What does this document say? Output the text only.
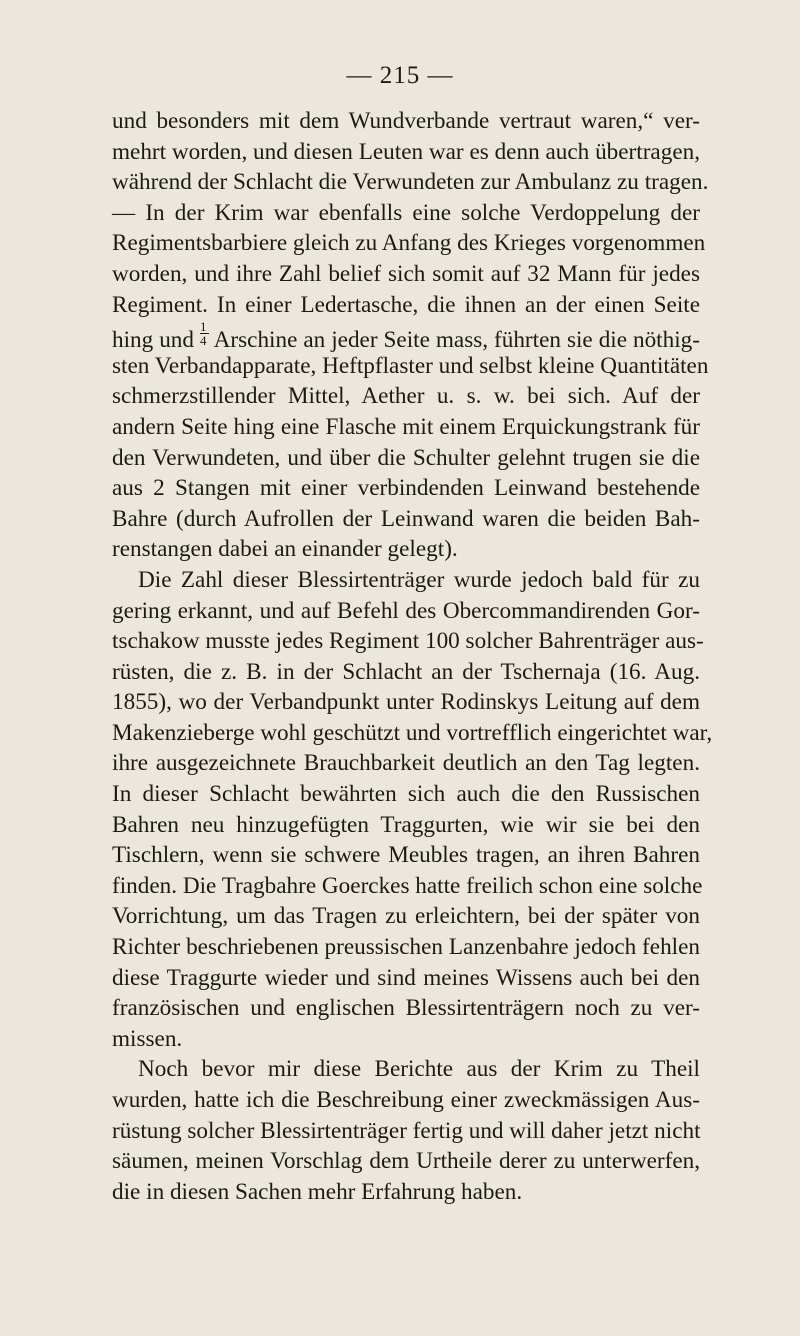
— 215 —
und besonders mit dem Wundverbande vertraut waren,“ ver-
mehrt worden, und diesen Leuten war es denn auch übertragen,
während der Schlacht die Verwundeten zur Ambulanz zu tragen.
— In der Krim war ebenfalls eine solche Verdoppelung der
Regimentsbarbiere gleich zu Anfang des Krieges vorgenommen
worden, und ihre Zahl belief sich somit auf 32 Mann für jedes
Regiment. In einer Ledertasche, die ihnen an der einen Seite
hing und $\frac{1}{4}$ Arschine an jeder Seite mass, führten sie die nöthig-
sten Verbandapparate, Heftpflaster und selbst kleine Quantitäten
schmerzstillender Mittel, Aether u. s. w. bei sich. Auf der
andern Seite hing eine Flasche mit einem Erquickungstrank für
den Verwundeten, und über die Schulter gelehnt trugen sie die
aus 2 Stangen mit einer verbindenden Leinwand bestehende
Bahre (durch Aufrollen der Leinwand waren die beiden Bah-
renstangen dabei an einander gelegt).
Die Zahl dieser Blessirtenträger wurde jedoch bald für zu
gering erkannt, und auf Befehl des Obercommandirenden Gor-
tschakow musste jedes Regiment 100 solcher Bahrenträger aus-
rüsten, die z. B. in der Schlacht an der Tschernaja (16. Aug.
1855), wo der Verbandpunkt unter Rodinskys Leitung auf dem
Makenzieberge wohl geschützt und vortrefflich eingerichtet war,
ihre ausgezeichnete Brauchbarkeit deutlich an den Tag legten.
In dieser Schlacht bewährten sich auch die den Russischen
Bahren neu hinzugefügten Traggurten, wie wir sie bei den
Tischlern, wenn sie schwere Meubles tragen, an ihren Bahren
finden. Die Tragbahre Goerckes hatte freilich schon eine solche
Vorrichtung, um das Tragen zu erleichtern, bei der später von
Richter beschriebenen preussischen Lanzenbahre jedoch fehlen
diese Traggurte wieder und sind meines Wissens auch bei den
französischen und englischen Blessirtenträgern noch zu ver-
missen.
Noch bevor mir diese Berichte aus der Krim zu Theil
wurden, hatte ich die Beschreibung einer zweckmässigen Aus-
rüstung solcher Blessirtenträger fertig und will daher jetzt nicht
säumen, meinen Vorschlag dem Urtheile derer zu unterwerfen,
die in diesen Sachen mehr Erfahrung haben.
